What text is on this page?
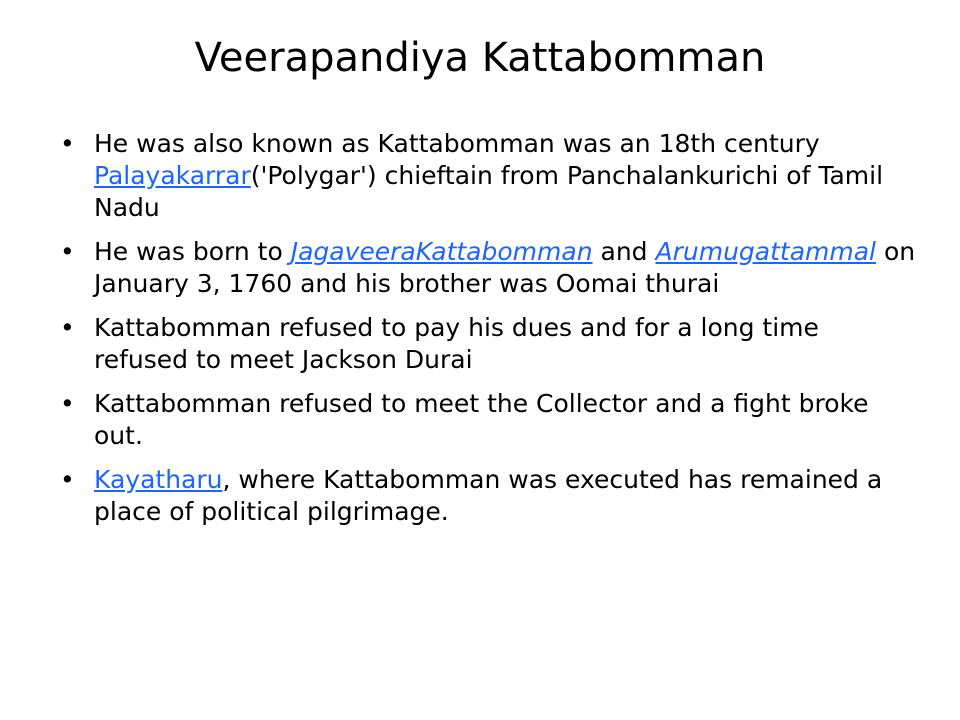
Veerapandiya Kattabomman
• He was also known as Kattabomman was an 18th century Palayakarrar('Polygar') chieftain from Panchalankurichi of Tamil Nadu
• He was born to JagaveeraKattabomman and Arumugattammal on January 3, 1760 and his brother was Oomai thurai
• Kattabomman refused to pay his dues and for a long time refused to meet Jackson Durai
• Kattabomman refused to meet the Collector and a fight broke out.
• Kayatharu, where Kattabomman was executed has remained a place of political pilgrimage.
